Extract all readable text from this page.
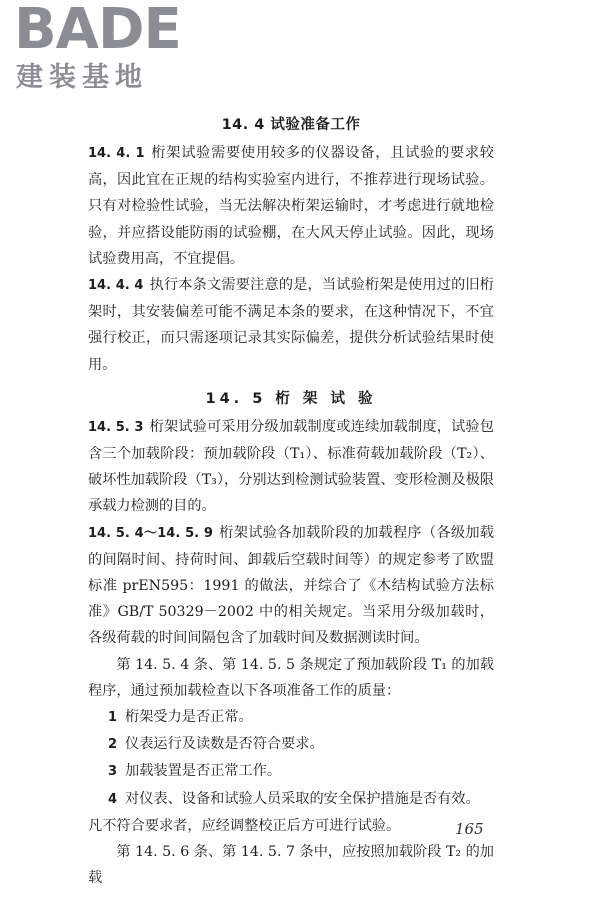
BADE
建装基地
14. 4 试验准备工作

14. 4. 1 桁架试验需要使用较多的仪器设备，且试验的要求较高，因此宜在正规的结构实验室内进行，不推荐进行现场试验。只有对检验性试验，当无法解决桁架运输时，才考虑进行就地检验，并应搭设能防雨的试验棚，在大风天停止试验。因此，现场试验费用高，不宜提倡。

14. 4. 4 执行本条文需要注意的是，当试验桁架是使用过的旧桁架时，其安装偏差可能不满足本条的要求，在这种情况下，不宜强行校正，而只需逐项记录其实际偏差，提供分析试验结果时使用。

14. 5 桁 架 试 验

14. 5. 3 桁架试验可采用分级加载制度或连续加载制度，试验包含三个加载阶段：预加载阶段（T₁）、标准荷载加载阶段（T₂）、破坏性加载阶段（T₃），分别达到检测试验装置、变形检测及极限承载力检测的目的。

14. 5. 4～14. 5. 9 桁架试验各加载阶段的加载程序（各级加载的间隔时间、持荷时间、卸载后空载时间等）的规定参考了欧盟标准 prEN595：1991 的做法，并综合了《木结构试验方法标准》GB/T 50329－2002 中的相关规定。当采用分级加载时，各级荷载的时间间隔包含了加载时间及数据测读时间。

第 14. 5. 4 条、第 14. 5. 5 条规定了预加载阶段 T₁ 的加载程序，通过预加载检查以下各项准备工作的质量：

1 桁架受力是否正常。

2 仪表运行及读数是否符合要求。

3 加载装置是否正常工作。

4 对仪表、设备和试验人员采取的安全保护措施是否有效。

凡不符合要求者，应经调整校正后方可进行试验。

第 14. 5. 6 条、第 14. 5. 7 条中，应按照加载阶段 T₂ 的加载

165
